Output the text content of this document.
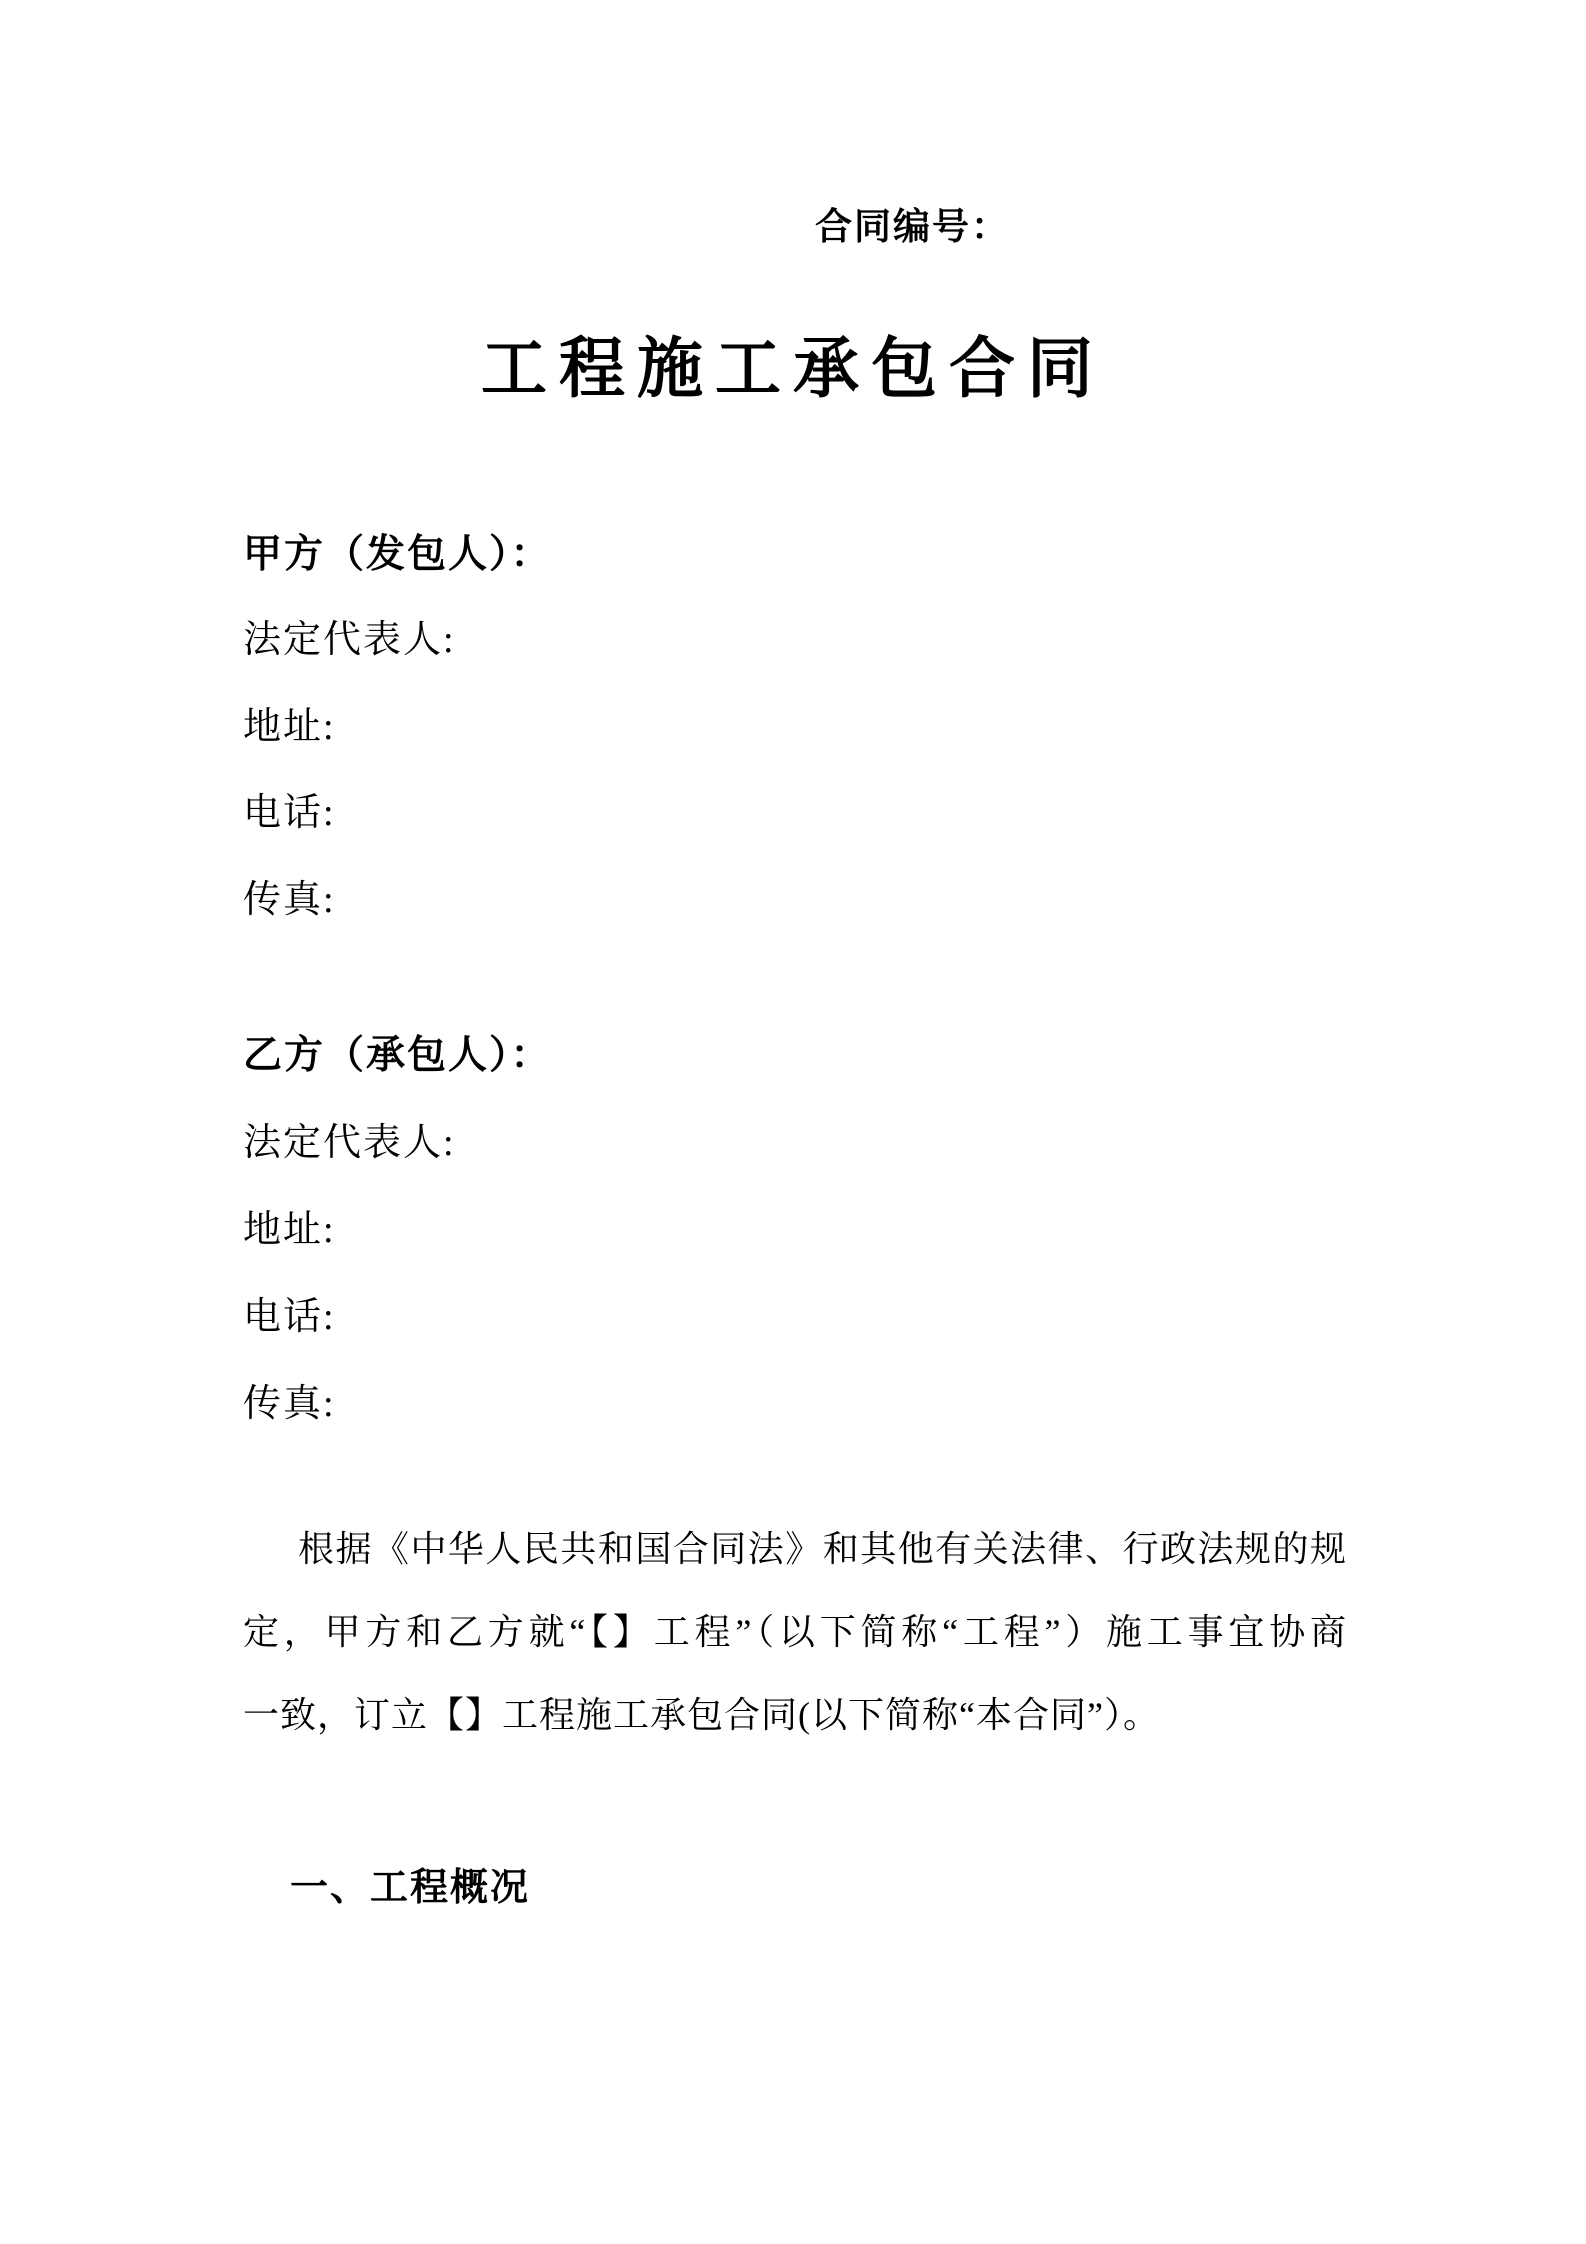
合同编号：
工程施工承包合同
甲方（发包人）：
法定代表人:
地址:
电话:
传真:
乙方（承包人）：
法定代表人:
地址:
电话:
传真:
根据《中华人民共和国合同法》和其他有关法律、行政法规的规
定，甲方和乙方就“【】工程”（以下简称“工程”）施工事宜协商
一致，订立【】工程施工承包合同(以下简称“本合同”）。
一、工程概况
